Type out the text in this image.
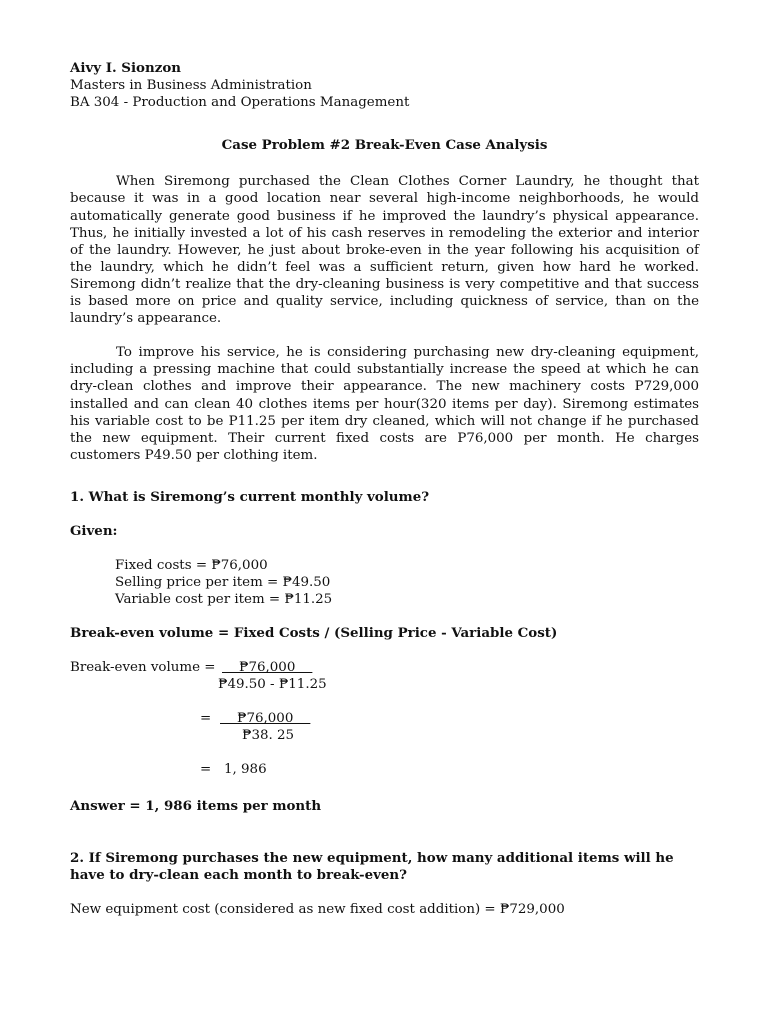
Aivy I. Sionzon
Masters in Business Administration
BA 304 - Production and Operations Management
Case Problem #2 Break-Even Case Analysis
When Siremong purchased the Clean Clothes Corner Laundry, he thought that because it was in a good location near several high-income neighborhoods, he would automatically generate good business if he improved the laundry’s physical appearance. Thus, he initially invested a lot of his cash reserves in remodeling the exterior and interior of the laundry. However, he just about broke-even in the year following his acquisition of the laundry, which he didn’t feel was a sufficient return, given how hard he worked. Siremong didn’t realize that the dry-cleaning business is very competitive and that success is based more on price and quality service, including quickness of service, than on the laundry’s appearance.
To improve his service, he is considering purchasing new dry-cleaning equipment, including a pressing machine that could substantially increase the speed at which he can dry-clean clothes and improve their appearance. The new machinery costs P729,000 installed and can clean 40 clothes items per hour(320 items per day). Siremong estimates his variable cost to be P11.25 per item dry cleaned, which will not change if he purchased the new equipment. Their current fixed costs are P76,000 per month. He charges customers P49.50 per clothing item.
1. What is Siremong’s current monthly volume?
Given:
Fixed costs = ₱76,000
Selling price per item = ₱49.50
Variable cost per item = ₱11.25
Break-even volume = Fixed Costs / (Selling Price - Variable Cost)
Break-even volume = ₱76,000
₱49.50 - ₱11.25
= ₱76,000
₱38. 25
= 1, 986
Answer = 1, 986 items per month
2. If Siremong purchases the new equipment, how many additional items will he have to dry-clean each month to break-even?
New equipment cost (considered as new fixed cost addition) = ₱729,000
